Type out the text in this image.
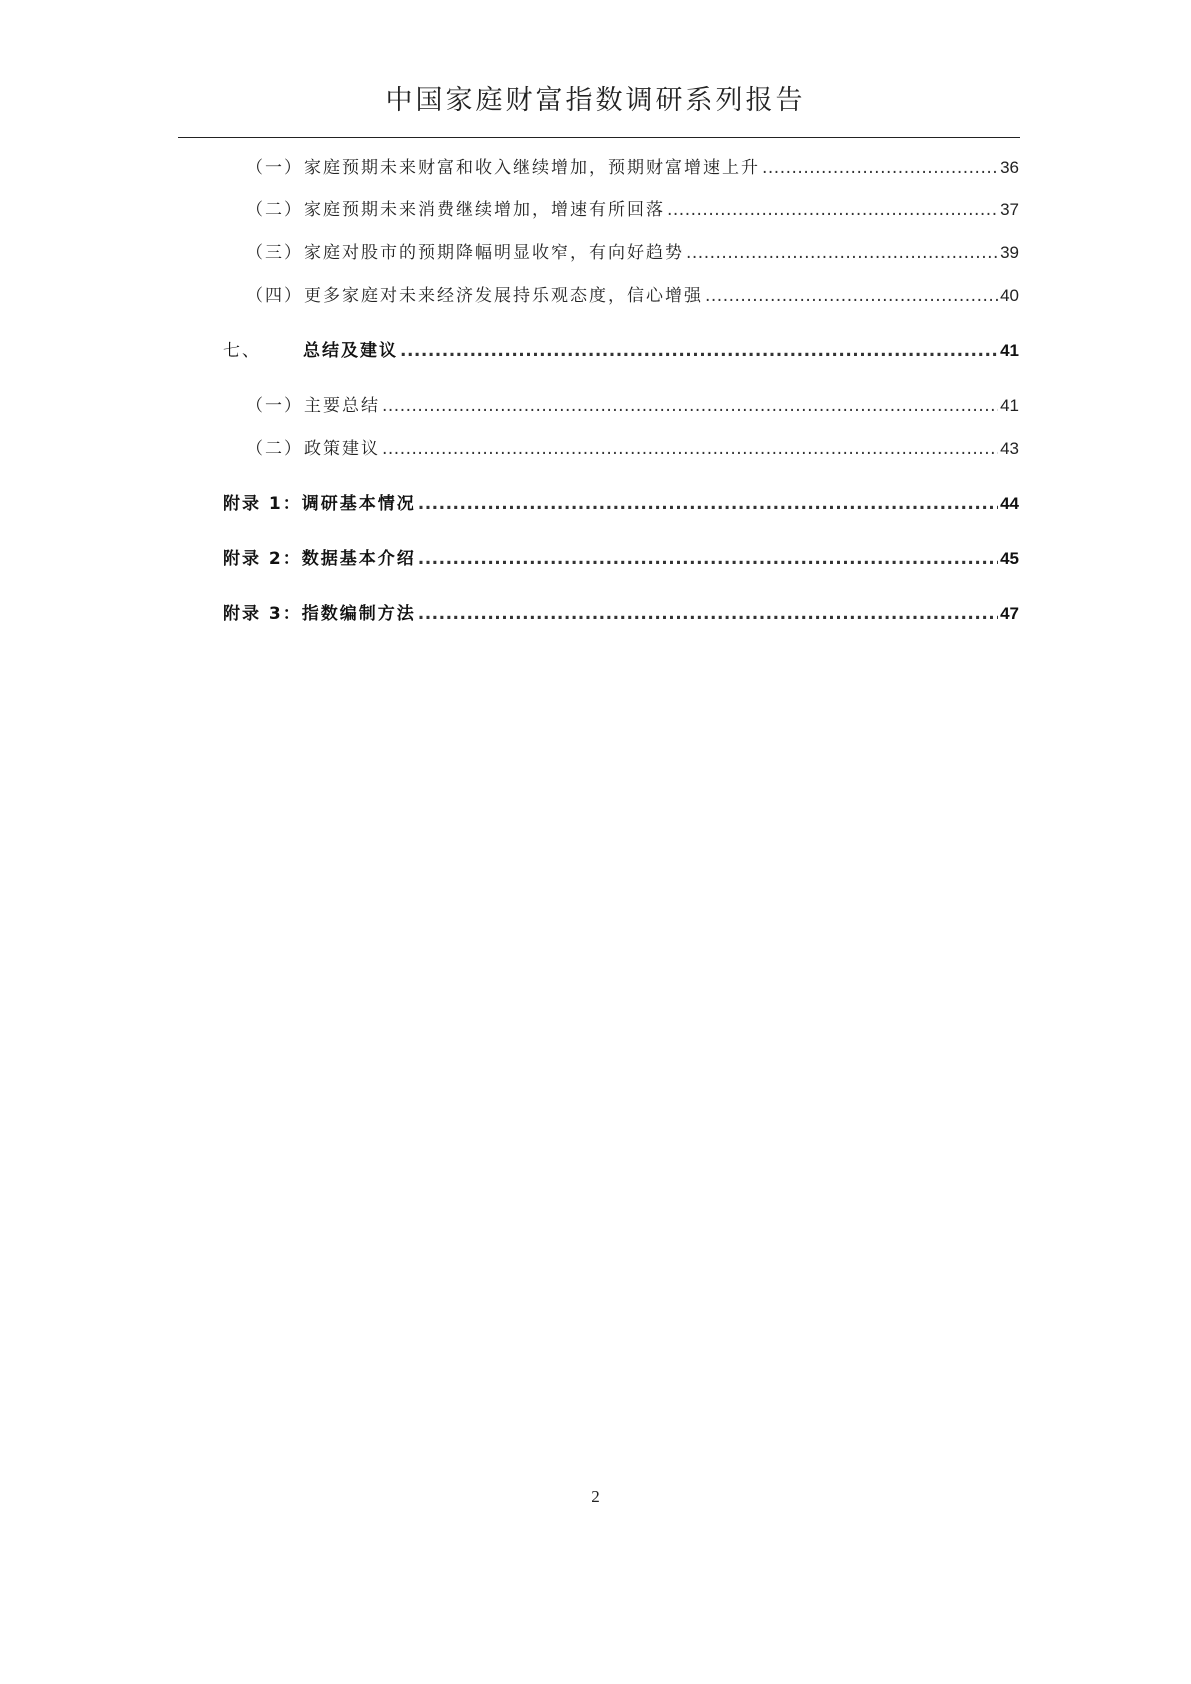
中国家庭财富指数调研系列报告
（一） 家庭预期未来财富和收入继续增加，预期财富增速上升 .....	36
（二） 家庭预期未来消费继续增加，增速有所回落 .....	37
（三） 家庭对股市的预期降幅明显收窄，有向好趋势 .....	39
（四） 更多家庭对未来经济发展持乐观态度，信心增强 .....	40
七、	总结及建议 .....	41
（一） 主要总结 .....	41
（二） 政策建议 .....	43
附录 1：调研基本情况 .....	44
附录 2：数据基本介绍 .....	45
附录 3：指数编制方法 .....	47
2
